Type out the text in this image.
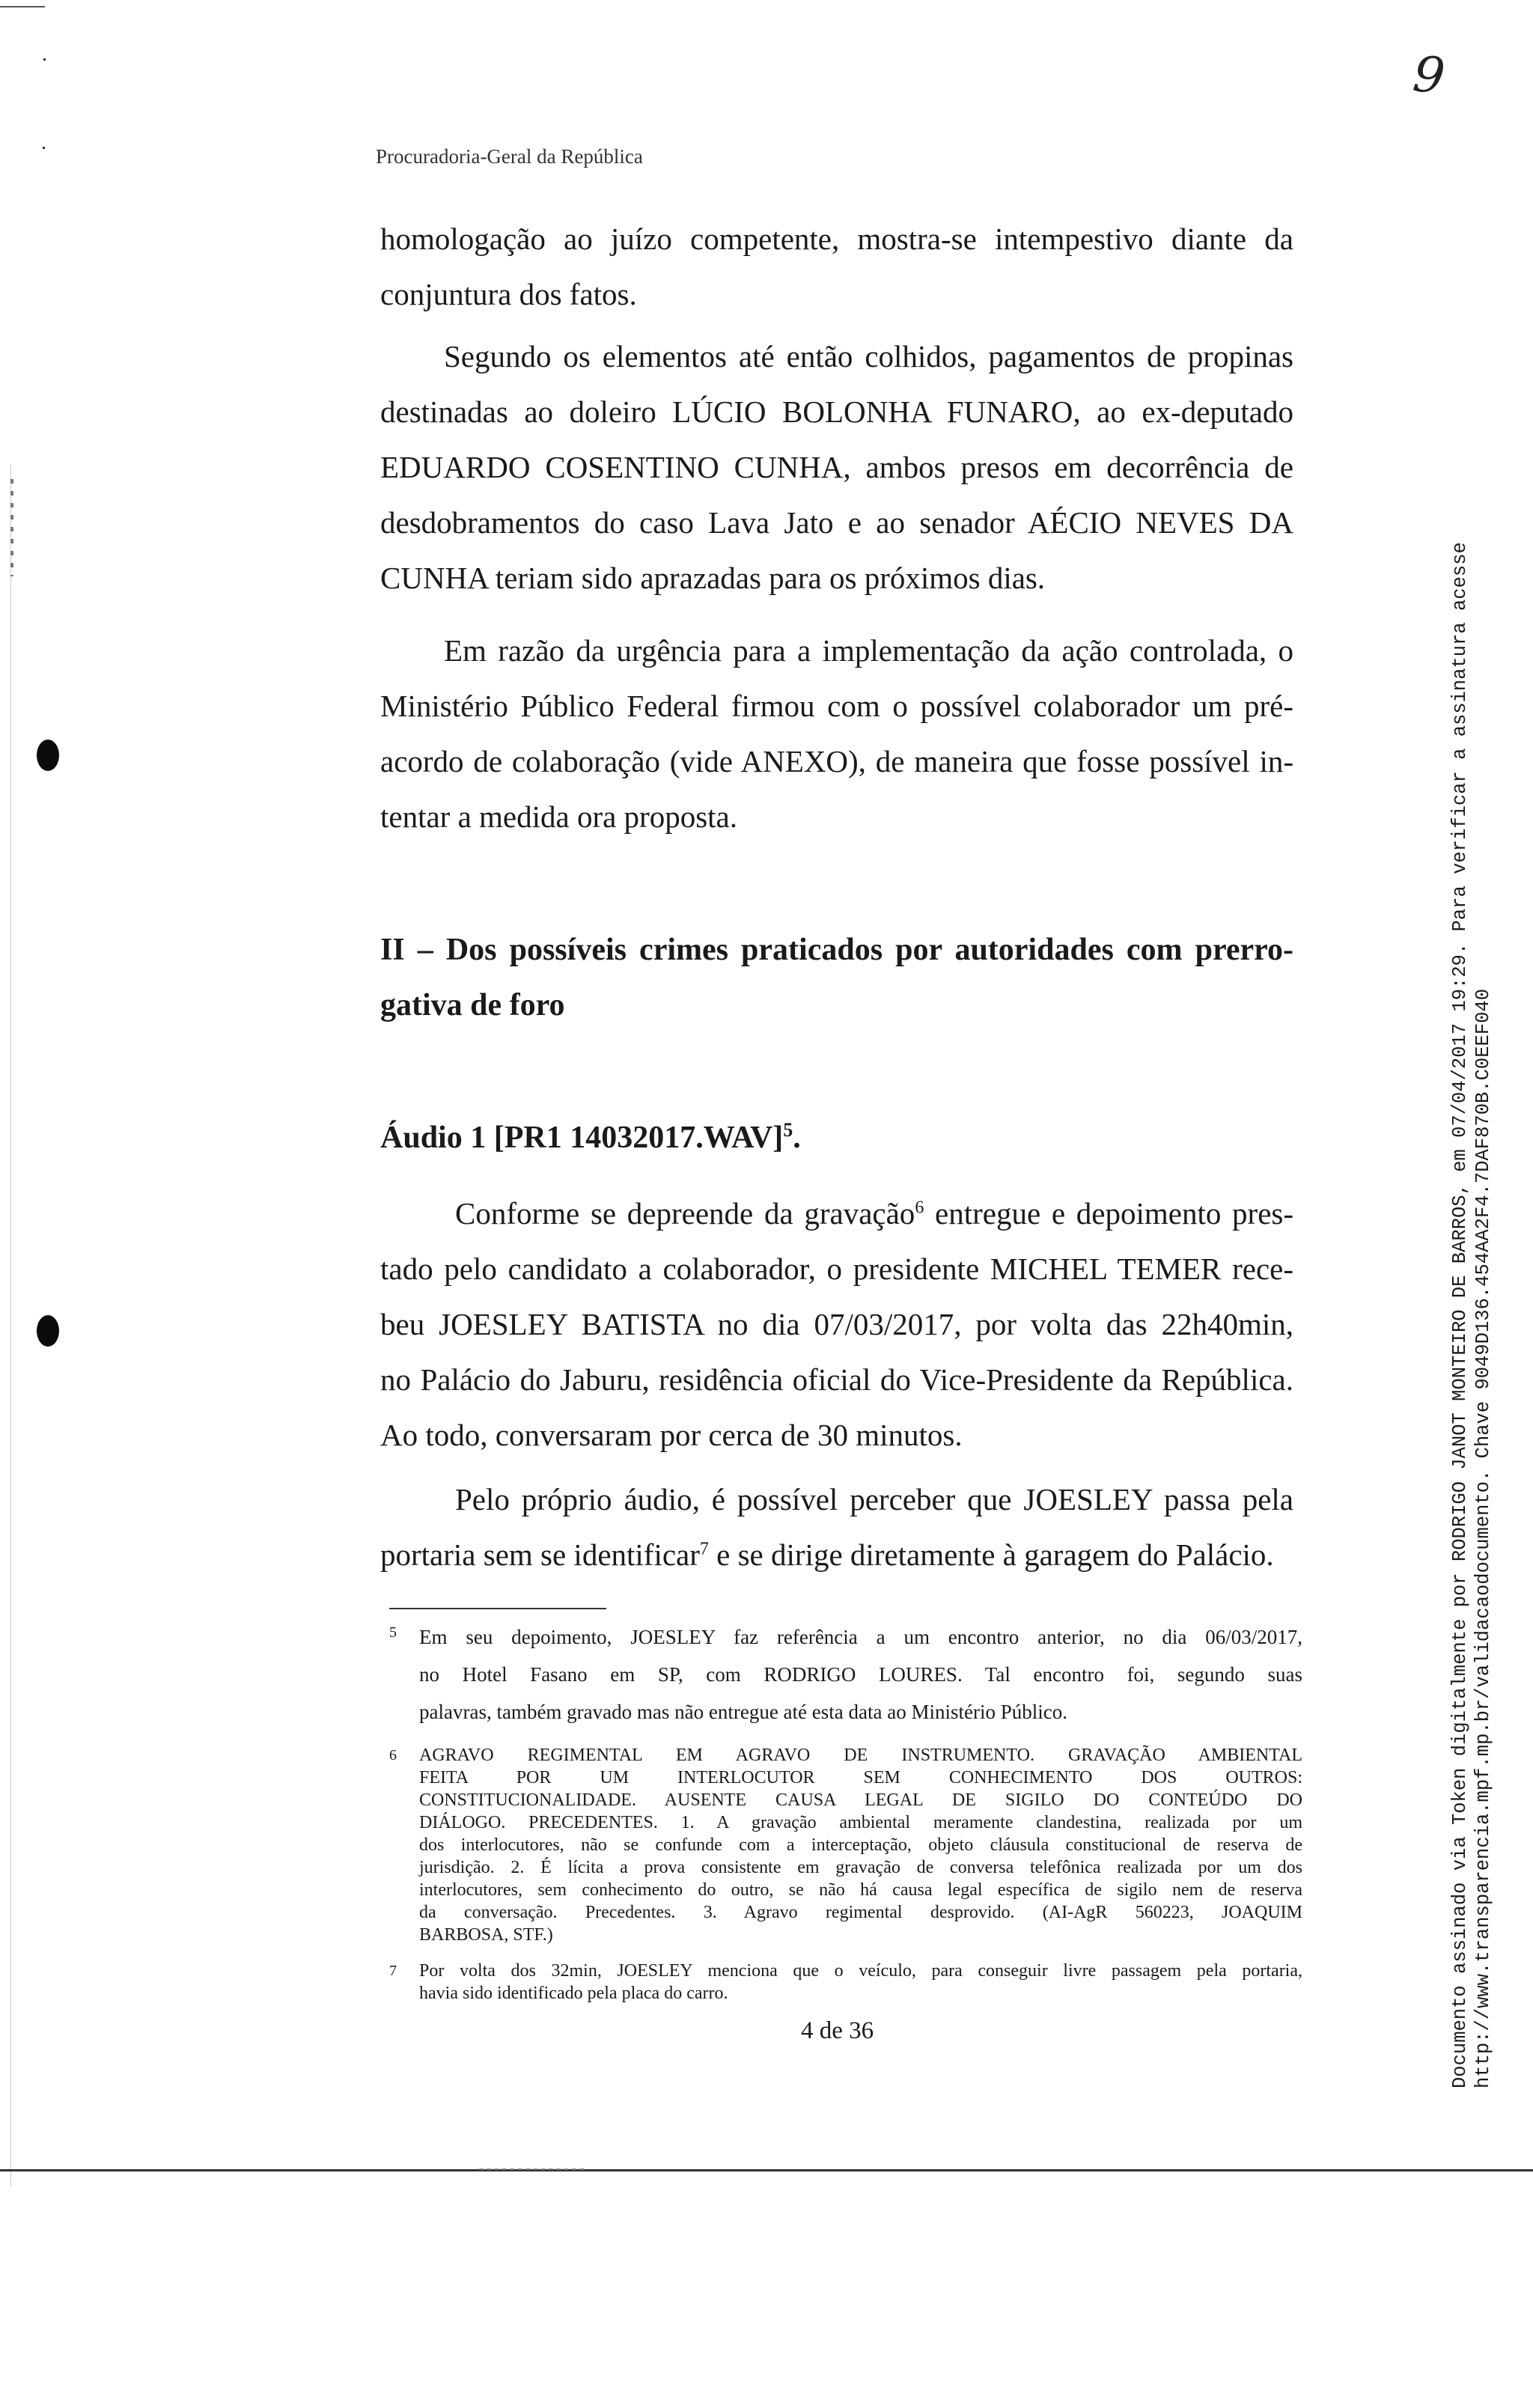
9
Procuradoria-Geral da República
homologação ao juízo competente, mostra-se intempestivo diante da
conjuntura dos fatos.
Segundo os elementos até então colhidos, pagamentos de propinas
destinadas ao doleiro LÚCIO BOLONHA FUNARO, ao ex-deputado
EDUARDO COSENTINO CUNHA, ambos presos em decorrência de
desdobramentos do caso Lava Jato e ao senador AÉCIO NEVES DA
CUNHA teriam sido aprazadas para os próximos dias.
Em razão da urgência para a implementação da ação controlada, o
Ministério Público Federal firmou com o possível colaborador um pré-
acordo de colaboração (vide ANEXO), de maneira que fosse possível in-
tentar a medida ora proposta.
II – Dos possíveis crimes praticados por autoridades com prerro-
gativa de foro
Áudio 1 [PR1 14032017.WAV]$^5$.
Conforme se depreende da gravação$^6$ entregue e depoimento pres-
tado pelo candidato a colaborador, o presidente MICHEL TEMER rece-
beu JOESLEY BATISTA no dia 07/03/2017, por volta das 22h40min,
no Palácio do Jaburu, residência oficial do Vice-Presidente da República.
Ao todo, conversaram por cerca de 30 minutos.
Pelo próprio áudio, é possível perceber que JOESLEY passa pela
portaria sem se identificar$^7$ e se dirige diretamente à garagem do Palácio.
5 Em seu depoimento, JOESLEY faz referência a um encontro anterior, no dia 06/03/2017,
no Hotel Fasano em SP, com RODRIGO LOURES. Tal encontro foi, segundo suas
palavras, também gravado mas não entregue até esta data ao Ministério Público.
6 AGRAVO REGIMENTAL EM AGRAVO DE INSTRUMENTO. GRAVAÇÃO AMBIENTAL
FEITA POR UM INTERLOCUTOR SEM CONHECIMENTO DOS OUTROS:
CONSTITUCIONALIDADE. AUSENTE CAUSA LEGAL DE SIGILO DO CONTEÚDO DO
DIÁLOGO. PRECEDENTES. 1. A gravação ambiental meramente clandestina, realizada por um
dos interlocutores, não se confunde com a interceptação, objeto cláusula constitucional de reserva de
jurisdição. 2. É lícita a prova consistente em gravação de conversa telefônica realizada por um dos
interlocutores, sem conhecimento do outro, se não há causa legal específica de sigilo nem de reserva
da conversação. Precedentes. 3. Agravo regimental desprovido. (AI-AgR 560223, JOAQUIM
BARBOSA, STF.)
7 Por volta dos 32min, JOESLEY menciona que o veículo, para conseguir livre passagem pela portaria,
havia sido identificado pela placa do carro.
4 de 36	Documento assinado via Token digitalmente por RODRIGO JANOT MONTEIRO DE BARROS, em 07/04/2017 19:29. Para verificar a assinatura acesse http://www.transparencia.mpf.mp.br/validacaodocumento. Chave 9049D136.454AA2F4.7DAF870B.C0EEF040
